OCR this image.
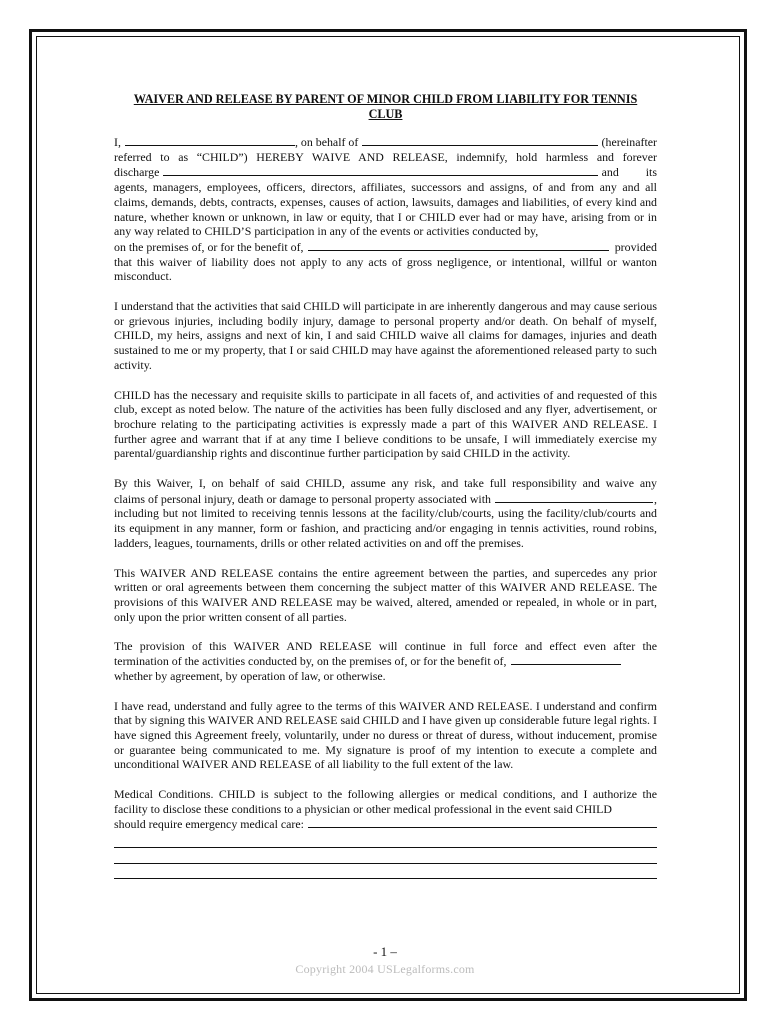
WAIVER AND RELEASE BY PARENT OF MINOR CHILD FROM LIABILITY FOR TENNIS
CLUB
I,	, on behalf of	(hereinafter

referred to as “CHILD”) HEREBY WAIVE AND RELEASE, indemnify, hold harmless and forever

discharge	and its

agents, managers, employees, officers, directors, affiliates, successors and assigns, of and from any and all claims, demands, debts, contracts, expenses, causes of action, lawsuits, damages and liabilities, of every kind and nature, whether known or unknown, in law or equity, that I or CHILD ever had or may have, arising from or in any way related to CHILD’S participation in any of the events or activities conducted by,

on the premises of, or for the benefit of,	provided

that this waiver of liability does not apply to any acts of gross negligence, or intentional, willful or wanton misconduct.

I understand that the activities that said CHILD will participate in are inherently dangerous and may cause serious or grievous injuries, including bodily injury, damage to personal property and/or death. On behalf of myself, CHILD, my heirs, assigns and next of kin, I and said CHILD waive all claims for damages, injuries and death sustained to me or my property, that I or said CHILD may have against the aforementioned released party to such activity.

CHILD has the necessary and requisite skills to participate in all facets of, and activities of and requested of this club, except as noted below. The nature of the activities has been fully disclosed and any flyer, advertisement, or brochure relating to the participating activities is expressly made a part of this WAIVER AND RELEASE. I further agree and warrant that if at any time I believe conditions to be unsafe, I will immediately exercise my parental/guardianship rights and discontinue further participation by said CHILD in the activity.

By this Waiver, I, on behalf of said CHILD, assume any risk, and take full responsibility and waive any

claims of personal injury, death or damage to personal property associated with	,

including but not limited to receiving tennis lessons at the facility/club/courts, using the facility/club/courts and its equipment in any manner, form or fashion, and practicing and/or engaging in tennis activities, round robins, ladders, leagues, tournaments, drills or other related activities on and off the premises.

This WAIVER AND RELEASE contains the entire agreement between the parties, and supercedes any prior written or oral agreements between them concerning the subject matter of this WAIVER AND RELEASE. The provisions of this WAIVER AND RELEASE may be waived, altered, amended or repealed, in whole or in part, only upon the prior written consent of all parties.

The provision of this WAIVER AND RELEASE will continue in full force and effect even after the

termination of the activities conducted by, on the premises of, or for the benefit of,

whether by agreement, by operation of law, or otherwise.

I have read, understand and fully agree to the terms of this WAIVER AND RELEASE. I understand and confirm that by signing this WAIVER AND RELEASE said CHILD and I have given up considerable future legal rights. I have signed this Agreement freely, voluntarily, under no duress or threat of duress, without inducement, promise or guarantee being communicated to me. My signature is proof of my intention to execute a complete and unconditional WAIVER AND RELEASE of all liability to the full extent of the law.

Medical Conditions. CHILD is subject to the following allergies or medical conditions, and I authorize the facility to disclose these conditions to a physician or other medical professional in the event said CHILD

should require emergency medical care:
- 1 –
Copyright 2004 USLegalforms.com
